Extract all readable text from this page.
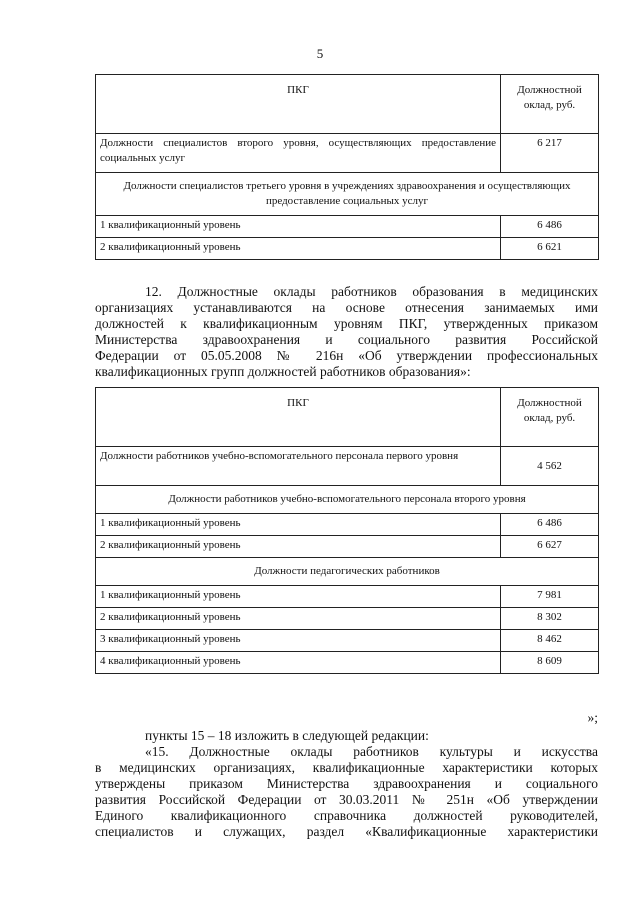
5
ПКГ	Должностной оклад, руб.
Должности специалистов второго уровня, осуществляющих предоставление социальных услуг	6 217
Должности специалистов третьего уровня в учреждениях здравоохранения и осуществляющих предоставление социальных услуг	
1 квалификационный уровень	6 486
2 квалификационный уровень	6 621
12. Должностные оклады работников образования в медицинских
организациях устанавливаются на основе отнесения занимаемых ими
должностей к квалификационным уровням ПКГ, утвержденных приказом
Министерства здравоохранения и социального развития Российской
Федерации от 05.05.2008 № 216н «Об утверждении профессиональных
квалификационных групп должностей работников образования»:
ПКГ	Должностной оклад, руб.
Должности работников учебно-вспомогательного персонала первого уровня	4 562
Должности работников учебно-вспомогательного персонала второго уровня	
1 квалификационный уровень	6 486
2 квалификационный уровень	6 627
Должности педагогических работников	
1 квалификационный уровень	7 981
2 квалификационный уровень	8 302
3 квалификационный уровень	8 462
4 квалификационный уровень	8 609
»;
пункты 15 – 18 изложить в следующей редакции:
«15. Должностные оклады работников культуры и искусства
в медицинских организациях, квалификационные характеристики которых
утверждены приказом Министерства здравоохранения и социального
развития Российской Федерации от 30.03.2011 № 251н «Об утверждении
Единого квалификационного справочника должностей руководителей,
специалистов и служащих, раздел «Квалификационные характеристики
